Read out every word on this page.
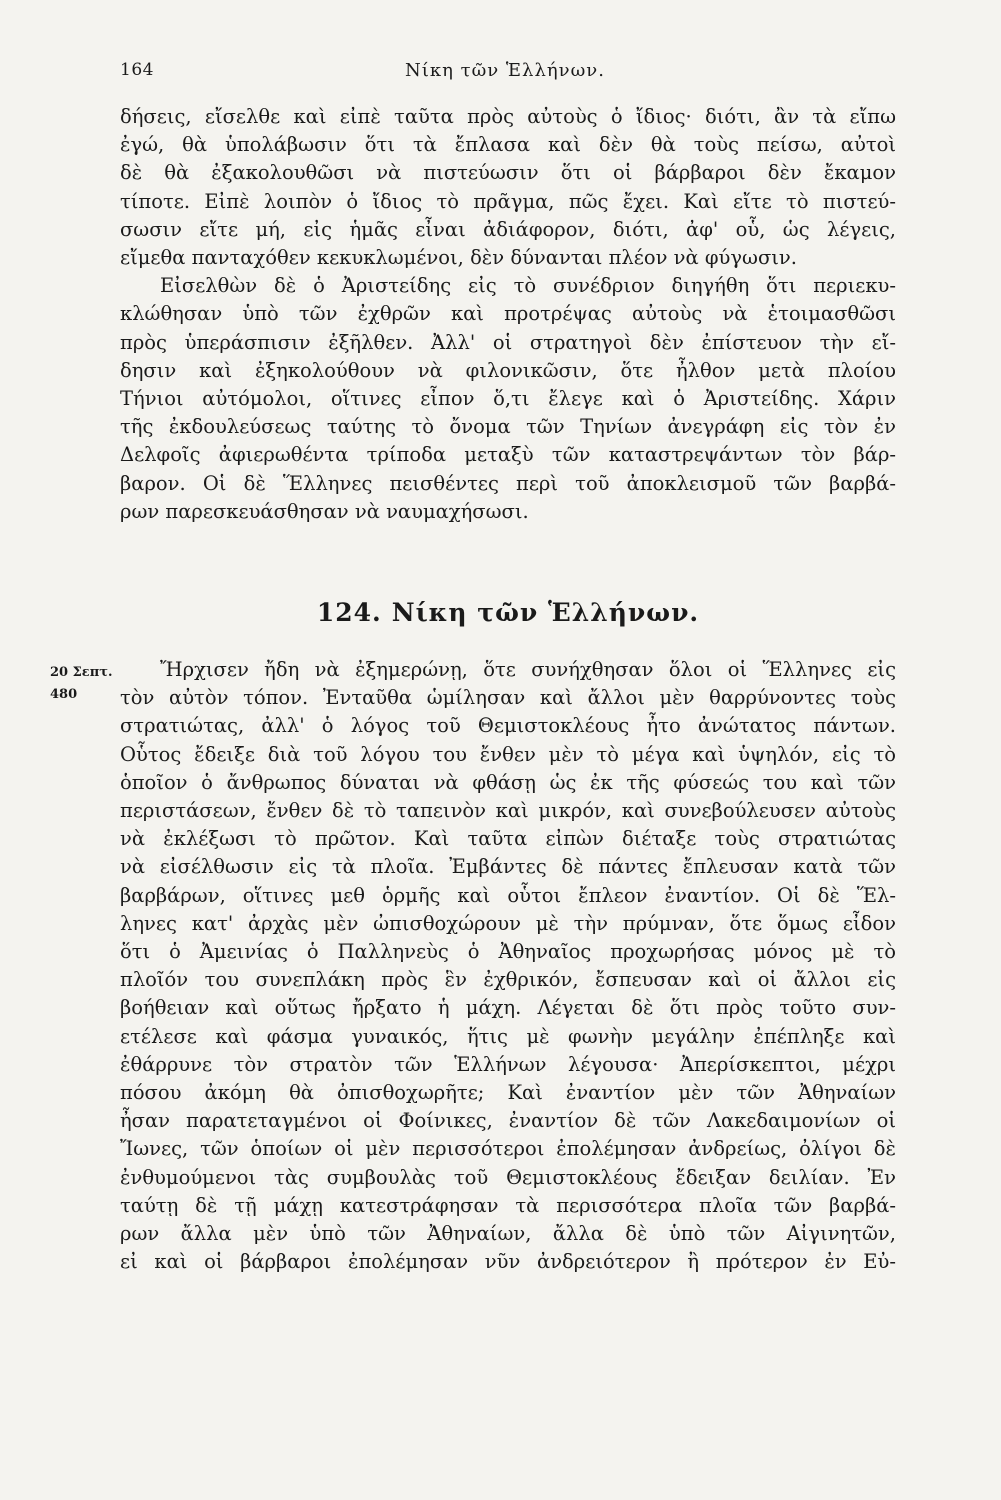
164	Νίκη τῶν Ἑλλήνων.
δήσεις, εἴσελθε καὶ εἰπὲ ταῦτα πρὸς αὐτοὺς ὁ ἴδιος· διότι, ἂν τὰ εἴπω
ἐγώ, θὰ ὑπολάβωσιν ὅτι τὰ ἔπλασα καὶ δὲν θὰ τοὺς πείσω, αὐτοὶ
δὲ θὰ ἐξακολουθῶσι νὰ πιστεύωσιν ὅτι οἱ βάρβαροι δὲν ἔκαμον
τίποτε. Εἰπὲ λοιπὸν ὁ ἴδιος τὸ πρᾶγμα, πῶς ἔχει. Καὶ εἴτε τὸ πιστεύ-
σωσιν εἴτε μή, εἰς ἡμᾶς εἶναι ἀδιάφορον, διότι, ἀφ' οὗ, ὡς λέγεις,
εἴμεθα πανταχόθεν κεκυκλωμένοι, δὲν δύνανται πλέον νὰ φύγωσιν.
Εἰσελθὼν δὲ ὁ Ἀριστείδης εἰς τὸ συνέδριον διηγήθη ὅτι περιεκυ-
κλώθησαν ὑπὸ τῶν ἐχθρῶν καὶ προτρέψας αὐτοὺς νὰ ἑτοιμασθῶσι
πρὸς ὑπεράσπισιν ἐξῆλθεν. Ἀλλ' οἱ στρατηγοὶ δὲν ἐπίστευον τὴν εἴ-
δησιν καὶ ἐξηκολούθουν νὰ φιλονικῶσιν, ὅτε ἦλθον μετὰ πλοίου
Τήνιοι αὐτόμολοι, οἵτινες εἶπον ὅ,τι ἔλεγε καὶ ὁ Ἀριστείδης. Χάριν
τῆς ἐκδουλεύσεως ταύτης τὸ ὄνομα τῶν Τηνίων ἀνεγράφη εἰς τὸν ἐν
Δελφοῖς ἀφιερωθέντα τρίποδα μεταξὺ τῶν καταστρεψάντων τὸν βάρ-
βαρον. Οἱ δὲ Ἕλληνες πεισθέντες περὶ τοῦ ἀποκλεισμοῦ τῶν βαρβά-
ρων παρεσκευάσθησαν νὰ ναυμαχήσωσι.
124. Νίκη τῶν Ἑλλήνων.
20 Σεπτ.
480
Ἤρχισεν ἤδη νὰ ἐξημερώνῃ, ὅτε συνήχθησαν ὅλοι οἱ Ἕλληνες εἰς
τὸν αὐτὸν τόπον. Ἐνταῦθα ὡμίλησαν καὶ ἄλλοι μὲν θαρρύνοντες τοὺς
στρατιώτας, ἀλλ' ὁ λόγος τοῦ Θεμιστοκλέους ἦτο ἀνώτατος πάντων.
Οὗτος ἔδειξε διὰ τοῦ λόγου του ἔνθεν μὲν τὸ μέγα καὶ ὑψηλόν, εἰς τὸ
ὁποῖον ὁ ἄνθρωπος δύναται νὰ φθάσῃ ὡς ἐκ τῆς φύσεώς του καὶ τῶν
περιστάσεων, ἔνθεν δὲ τὸ ταπεινὸν καὶ μικρόν, καὶ συνεβούλευσεν αὐτοὺς
νὰ ἐκλέξωσι τὸ πρῶτον. Καὶ ταῦτα εἰπὼν διέταξε τοὺς στρατιώτας
νὰ εἰσέλθωσιν εἰς τὰ πλοῖα. Ἐμβάντες δὲ πάντες ἔπλευσαν κατὰ τῶν
βαρβάρων, οἵτινες μεθ ὁρμῆς καὶ οὗτοι ἔπλεον ἐναντίον. Οἱ δὲ Ἕλ-
ληνες κατ' ἀρχὰς μὲν ὠπισθοχώρουν μὲ τὴν πρύμναν, ὅτε ὅμως εἶδον
ὅτι ὁ Ἀμεινίας ὁ Παλληνεὺς ὁ Ἀθηναῖος προχωρήσας μόνος μὲ τὸ
πλοῖόν του συνεπλάκη πρὸς ἓν ἐχθρικόν, ἔσπευσαν καὶ οἱ ἄλλοι εἰς
βοήθειαν καὶ οὕτως ἤρξατο ἡ μάχη. Λέγεται δὲ ὅτι πρὸς τοῦτο συν-
ετέλεσε καὶ φάσμα γυναικός, ἥτις μὲ φωνὴν μεγάλην ἐπέπληξε καὶ
ἐθάρρυνε τὸν στρατὸν τῶν Ἑλλήνων λέγουσα· Ἀπερίσκεπτοι, μέχρι
πόσου ἀκόμη θὰ ὀπισθοχωρῆτε; Καὶ ἐναντίον μὲν τῶν Ἀθηναίων
ἦσαν παρατεταγμένοι οἱ Φοίνικες, ἐναντίον δὲ τῶν Λακεδαιμονίων οἱ
Ἴωνες, τῶν ὁποίων οἱ μὲν περισσότεροι ἐπολέμησαν ἀνδρείως, ὀλίγοι δὲ
ἐνθυμούμενοι τὰς συμβουλὰς τοῦ Θεμιστοκλέους ἔδειξαν δειλίαν. Ἐν
ταύτῃ δὲ τῇ μάχῃ κατεστράφησαν τὰ περισσότερα πλοῖα τῶν βαρβά-
ρων ἄλλα μὲν ὑπὸ τῶν Ἀθηναίων, ἄλλα δὲ ὑπὸ τῶν Αἰγινητῶν,
εἰ καὶ οἱ βάρβαροι ἐπολέμησαν νῦν ἀνδρειότερον ἢ πρότερον ἐν Εὐ-
